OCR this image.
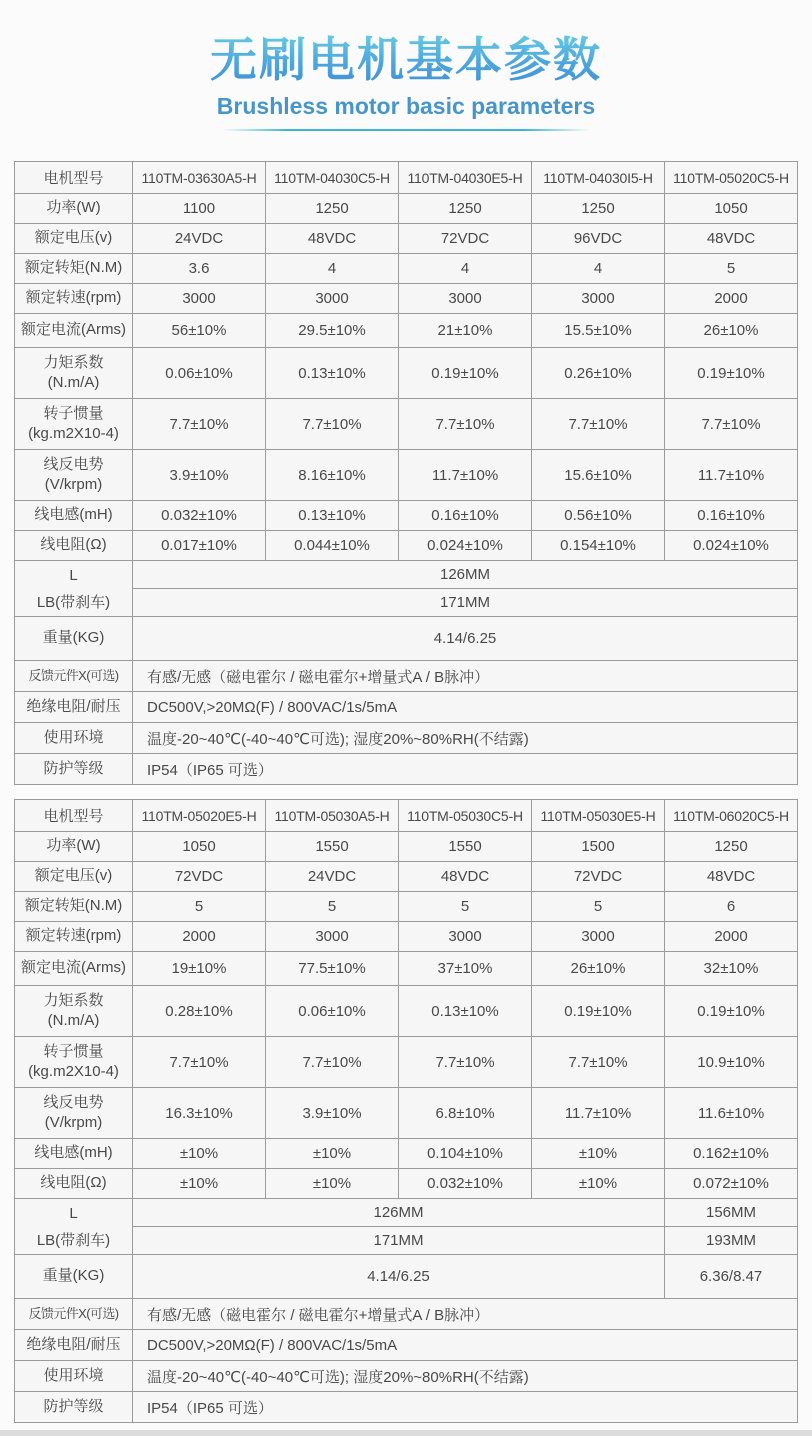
无刷电机基本参数
Brushless motor basic parameters
电机型号	110TM-03630A5-H	110TM-04030C5-H	110TM-04030E5-H	110TM-04030I5-H	110TM-05020C5-H

功率(W)	1100	1250	1250	1250	1050

额定电压(v)	24VDC	48VDC	72VDC	96VDC	48VDC

额定转矩(N.M)	3.6	4	4	4	5

额定转速(rpm)	3000	3000	3000	3000	2000

额定电流(Arms)	56±10%	29.5±10%	21±10%	15.5±10%	26±10%

力矩系数
(N.m/A)	0.06±10%	0.13±10%	0.19±10%	0.26±10%	0.19±10%

转子惯量
(kg.m2X10-4)	7.7±10%	7.7±10%	7.7±10%	7.7±10%	7.7±10%

线反电势
(V/krpm)	3.9±10%	8.16±10%	11.7±10%	15.6±10%	11.7±10%

线电感(mH)	0.032±10%	0.13±10%	0.16±10%	0.56±10%	0.16±10%

线电阻(Ω)	0.017±10%	0.044±10%	0.024±10%	0.154±10%	0.024±10%

L
LB(带刹车)	126MM				
	171MM				

重量(KG)	4.14/6.25				

反馈元件X(可选)	有感/无感（磁电霍尔 / 磁电霍尔+增量式A / B脉冲）				

绝缘电阻/耐压	DC500V,>20MΩ(F) / 800VAC/1s/5mA				

使用环境	温度-20~40℃(-40~40℃可选); 湿度20%~80%RH(不结露)				

防护等级	IP54（IP65 可选）				
电机型号	110TM-05020E5-H	110TM-05030A5-H	110TM-05030C5-H	110TM-05030E5-H	110TM-06020C5-H

功率(W)	1050	1550	1550	1500	1250

额定电压(v)	72VDC	24VDC	48VDC	72VDC	48VDC

额定转矩(N.M)	5	5	5	5	6

额定转速(rpm)	2000	3000	3000	3000	2000

额定电流(Arms)	19±10%	77.5±10%	37±10%	26±10%	32±10%

力矩系数
(N.m/A)	0.28±10%	0.06±10%	0.13±10%	0.19±10%	0.19±10%

转子惯量
(kg.m2X10-4)	7.7±10%	7.7±10%	7.7±10%	7.7±10%	10.9±10%

线反电势
(V/krpm)	16.3±10%	3.9±10%	6.8±10%	11.7±10%	11.6±10%

线电感(mH)	±10%	±10%	0.104±10%	±10%	0.162±10%

线电阻(Ω)	±10%	±10%	0.032±10%	±10%	0.072±10%

L
LB(带刹车)	126MM				156MM
	171MM				193MM

重量(KG)	4.14/6.25				6.36/8.47

反馈元件X(可选)	有感/无感（磁电霍尔 / 磁电霍尔+增量式A / B脉冲）				

绝缘电阻/耐压	DC500V,>20MΩ(F) / 800VAC/1s/5mA				

使用环境	温度-20~40℃(-40~40℃可选); 湿度20%~80%RH(不结露)				

防护等级	IP54（IP65 可选）				
